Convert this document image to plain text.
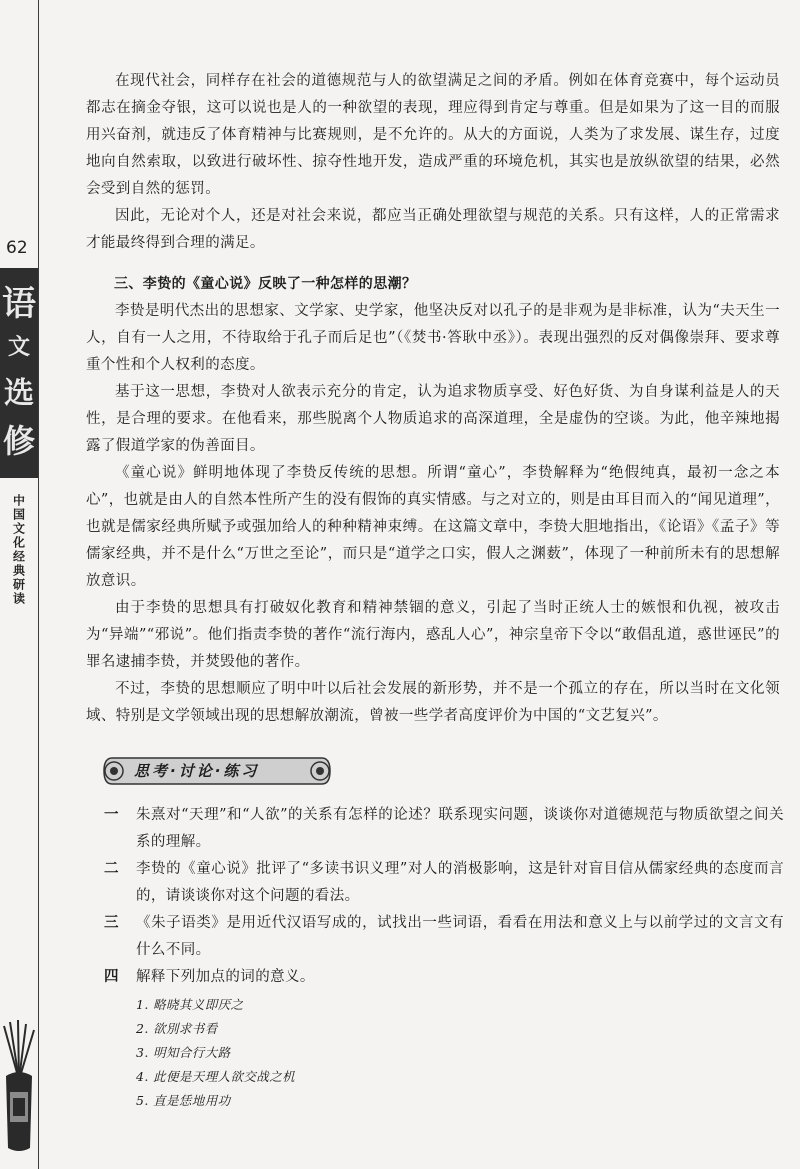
62
语
文
选
修
中国文化经典研读

在现代社会，同样存在社会的道德规范与人的欲望满足之间的矛盾。例如在体育竞赛中，每个运动员都志在摘金夺银，这可以说也是人的一种欲望的表现，理应得到肯定与尊重。但是如果为了这一目的而服用兴奋剂，就违反了体育精神与比赛规则，是不允许的。从大的方面说，人类为了求发展、谋生存，过度地向自然索取，以致进行破坏性、掠夺性地开发，造成严重的环境危机，其实也是放纵欲望的结果，必然会受到自然的惩罚。

因此，无论对个人，还是对社会来说，都应当正确处理欲望与规范的关系。只有这样，人的正常需求才能最终得到合理的满足。

三、李贽的《童心说》反映了一种怎样的思潮？

李贽是明代杰出的思想家、文学家、史学家，他坚决反对以孔子的是非观为是非标准，认为“夫天生一人，自有一人之用，不待取给于孔子而后足也”（《焚书·答耿中丞》）。表现出强烈的反对偶像崇拜、要求尊重个性和个人权利的态度。

基于这一思想，李贽对人欲表示充分的肯定，认为追求物质享受、好色好货、为自身谋利益是人的天性，是合理的要求。在他看来，那些脱离个人物质追求的高深道理，全是虚伪的空谈。为此，他辛辣地揭露了假道学家的伪善面目。

《童心说》鲜明地体现了李贽反传统的思想。所谓“童心”，李贽解释为“绝假纯真，最初一念之本心”，也就是由人的自然本性所产生的没有假饰的真实情感。与之对立的，则是由耳目而入的“闻见道理”，也就是儒家经典所赋予或强加给人的种种精神束缚。在这篇文章中，李贽大胆地指出，《论语》《孟子》等儒家经典，并不是什么“万世之至论”，而只是“道学之口实，假人之渊薮”，体现了一种前所未有的思想解放意识。

由于李贽的思想具有打破奴化教育和精神禁锢的意义，引起了当时正统人士的嫉恨和仇视，被攻击为“异端”“邪说”。他们指责李贽的著作“流行海内，惑乱人心”，神宗皇帝下令以“敢倡乱道，惑世诬民”的罪名逮捕李贽，并焚毁他的著作。

不过，李贽的思想顺应了明中叶以后社会发展的新形势，并不是一个孤立的存在，所以当时在文化领域、特别是文学领域出现的思想解放潮流，曾被一些学者高度评价为中国的“文艺复兴”。

思考·讨论·练习
一	朱熹对“天理”和“人欲”的关系有怎样的论述？联系现实问题，谈谈你对道德规范与物质欲望之间关系的理解。
二	李贽的《童心说》批评了“多读书识义理”对人的消极影响，这是针对盲目信从儒家经典的态度而言的，请谈谈你对这个问题的看法。
三	《朱子语类》是用近代汉语写成的，试找出一些词语，看看在用法和意义上与以前学过的文言文有什么不同。
四	解释下列加点的词的意义。
1. 略晓其义即厌之
2. 欲別求书看
3. 明知合行大路
4. 此便是天理人欲交战之机
5. 直是恁地用功
